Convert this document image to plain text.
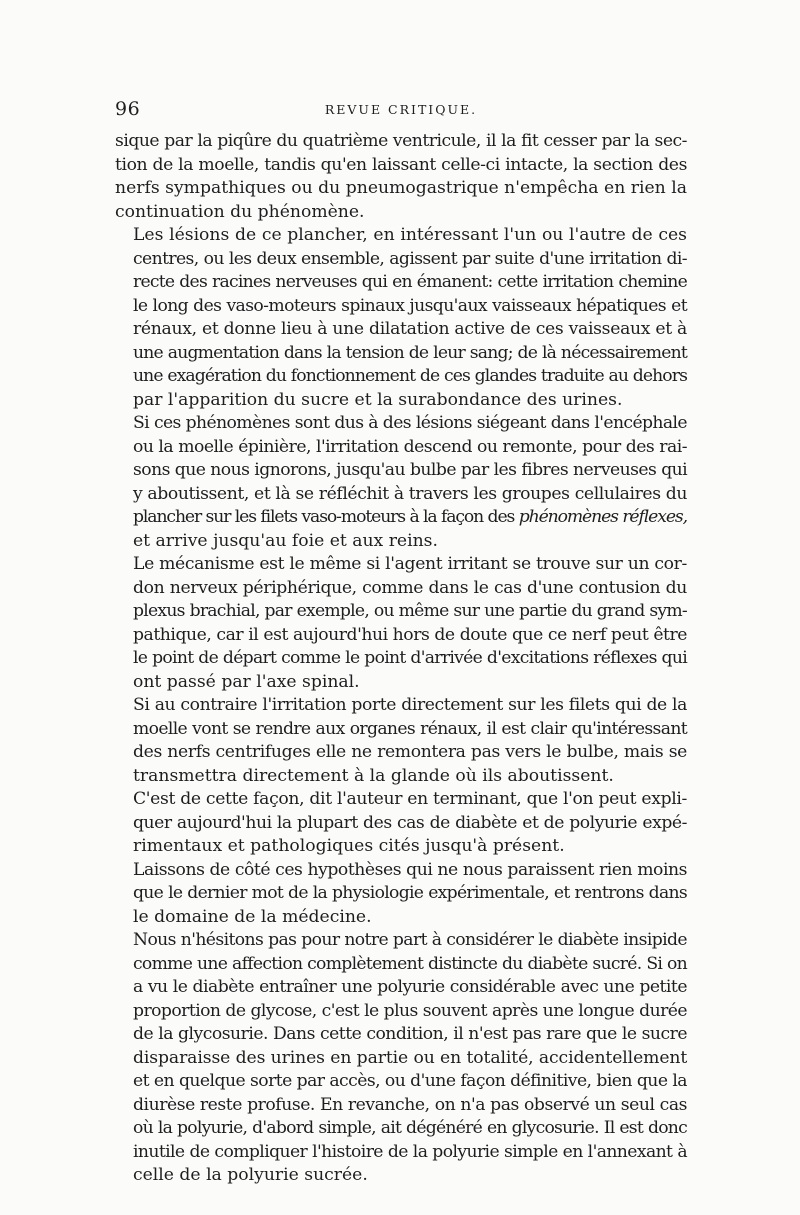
96	REVUE CRITIQUE.

sique par la piqûre du quatrième ventricule, il la fit cesser par la sec-
tion de la moelle, tandis qu'en laissant celle-ci intacte, la section des
nerfs sympathiques ou du pneumogastrique n'empêcha en rien la
continuation du phénomène.

Les lésions de ce plancher, en intéressant l'un ou l'autre de ces
centres, ou les deux ensemble, agissent par suite d'une irritation di-
recte des racines nerveuses qui en émanent: cette irritation chemine
le long des vaso-moteurs spinaux jusqu'aux vaisseaux hépatiques et
rénaux, et donne lieu à une dilatation active de ces vaisseaux et à
une augmentation dans la tension de leur sang; de là nécessairement
une exagération du fonctionnement de ces glandes traduite au dehors
par l'apparition du sucre et la surabondance des urines.

Si ces phénomènes sont dus à des lésions siégeant dans l'encéphale
ou la moelle épinière, l'irritation descend ou remonte, pour des rai-
sons que nous ignorons, jusqu'au bulbe par les fibres nerveuses qui
y aboutissent, et là se réfléchit à travers les groupes cellulaires du
plancher sur les filets vaso-moteurs à la façon des phénomènes réflexes,
et arrive jusqu'au foie et aux reins.

Le mécanisme est le même si l'agent irritant se trouve sur un cor-
don nerveux périphérique, comme dans le cas d'une contusion du
plexus brachial, par exemple, ou même sur une partie du grand sym-
pathique, car il est aujourd'hui hors de doute que ce nerf peut être
le point de départ comme le point d'arrivée d'excitations réflexes qui
ont passé par l'axe spinal.

Si au contraire l'irritation porte directement sur les filets qui de la
moelle vont se rendre aux organes rénaux, il est clair qu'intéressant
des nerfs centrifuges elle ne remontera pas vers le bulbe, mais se
transmettra directement à la glande où ils aboutissent.

C'est de cette façon, dit l'auteur en terminant, que l'on peut expli-
quer aujourd'hui la plupart des cas de diabète et de polyurie expé-
rimentaux et pathologiques cités jusqu'à présent.

Laissons de côté ces hypothèses qui ne nous paraissent rien moins
que le dernier mot de la physiologie expérimentale, et rentrons dans
le domaine de la médecine.

Nous n'hésitons pas pour notre part à considérer le diabète insipide
comme une affection complètement distincte du diabète sucré. Si on
a vu le diabète entraîner une polyurie considérable avec une petite
proportion de glycose, c'est le plus souvent après une longue durée
de la glycosurie. Dans cette condition, il n'est pas rare que le sucre
disparaisse des urines en partie ou en totalité, accidentellement
et en quelque sorte par accès, ou d'une façon définitive, bien que la
diurèse reste profuse. En revanche, on n'a pas observé un seul cas
où la polyurie, d'abord simple, ait dégénéré en glycosurie. Il est donc
inutile de compliquer l'histoire de la polyurie simple en l'annexant à
celle de la polyurie sucrée.
